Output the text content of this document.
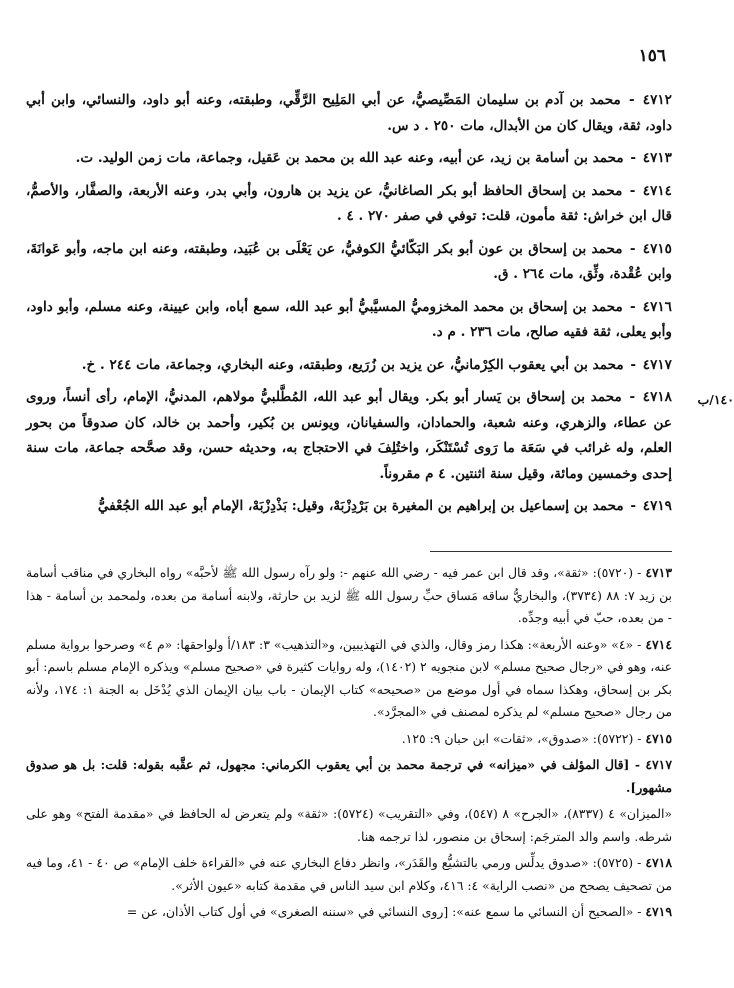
١٥٦

٤٧١٢ - محمد بن آدم بن سليمان المَصِّيصيُّ، عن أبي المَلِيح الرَّقِّي، وطبقته، وعنه أبو داود، والنسائي، وابن أبي داود، ثقة، ويقال كان من الأبدال، مات ٢٥٠ . د س.

٤٧١٣ - محمد بن أسامة بن زيد، عن أبيه، وعنه عبد الله بن محمد بن عَقيل، وجماعة، مات زمن الوليد. ت.

٤٧١٤ - محمد بن إسحاق الحافظ أبو بكر الصاغانيُّ، عن يزيد بن هارون، وأبي بدر، وعنه الأربعة، والصفَّار، والأصمُّ، قال ابن خراش: ثقة مأمون، قلت: توفي في صفر ٢٧٠ . ٤ .

٤٧١٥ - محمد بن إسحاق بن عون أبو بكر البَكّائيُّ الكوفيُّ، عن يَعْلَى بن عُبَيد، وطبقته، وعنه ابن ماجه، وأبو عَوانَةَ، وابن عُقْدة، وثِّق، مات ٢٦٤ . ق.

٤٧١٦ - محمد بن إسحاق بن محمد المخزوميُّ المسيَّبيُّ أبو عبد الله، سمع أباه، وابن عيينة، وعنه مسلم، وأبو داود، وأبو يعلى، ثقة فقيه صالح، مات ٢٣٦ . م د.

٤٧١٧ - محمد بن أبي يعقوب الكِرْمانيُّ، عن يزيد بن زُرَيع، وطبقته، وعنه البخاري، وجماعة، مات ٢٤٤ . خ.

٤٧١٨ - محمد بن إسحاق بن يَسار أبو بكر. ويقال أبو عبد الله، المُطَّلبيُّ مولاهم، المدنيُّ، الإمام، رأى أنساً، وروى عن عطاء، والزهري، وعنه شعبة، والحمادان، والسفيانان، ويونس بن بُكير، وأحمد بن خالد، كان صدوقاً من بحور العلم، وله غرائب في سَعَة ما رَوى تُسْتَنْكَر، واختُلِفَ في الاحتجاج به، وحديثه حسن، وقد صحَّحه جماعة، مات سنة إحدى وخمسين ومائة، وقيل سنة اثنتين. ٤ م مقروناً.
١٤٠/ب

٤٧١٩ - محمد بن إسماعيل بن إبراهيم بن المغيرة بن بَرْدِزْبَهْ، وقيل: بَذْدِزْبَهْ، الإمام أبو عبد الله الجُعْفيُّ

٤٧١٣ - (٥٧٢٠): «ثقة»، وقد قال ابن عمر فيه - رضي الله عنهم -: ولو رآه رسول الله ﷺ لأحبَّه» رواه البخاري في مناقب أسامة بن زيد ٧: ٨٨ (٣٧٣٤)، والبخاريُّ ساقه مَساق حبِّ رسول الله ﷺ لزيد بن حارثة، ولابنه أسامة من بعده، ولمحمد بن أسامة - هذا - من بعده، حبّ في أبيه وجدِّه.

٤٧١٤ - «٤» «وعنه الأربعة»: هكذا رمز وقال، والذي في التهذيبين، و«التذهيب» ٣: ١٨٣/أ ولواحقها: «م ٤» وصرحوا برواية مسلم عنه، وهو في «رجال صحيح مسلم» لابن منجويه ٢ (١٤٠٢)، وله روايات كثيرة في «صحيح مسلم» ويذكره الإمام مسلم باسم: أبو بكر بن إسحاق، وهكذا سماه في أول موضع من «صحيحه» كتاب الإيمان - باب بيان الإيمان الذي يُدْخَل به الجنة ١: ١٧٤، ولأنه من رجال «صحيح مسلم» لم يذكره لمصنف في «المجرَّد».

٤٧١٥ - (٥٧٢٢): «صدوق»، «ثقات» ابن حبان ٩: ١٢٥.

٤٧١٧ - [قال المؤلف في «ميزانه» في ترجمة محمد بن أبي يعقوب الكرماني: مجهول، ثم عقَّبه بقوله: قلت: بل هو صدوق مشهور].

«الميزان» ٤ (٨٣٣٧)، «الجرح» ٨ (٥٤٧)، وفي «التقريب» (٥٧٢٤): «ثقة» ولم يتعرض له الحافظ في «مقدمة الفتح» وهو على شرطه. واسم والد المترجَم: إسحاق بن منصور، لذا ترجمه هنا.

٤٧١٨ - (٥٧٢٥): «صدوق يدلِّس ورمي بالتشيُّع والقَدَر»، وانظر دفاع البخاري عنه في «القراءة خلف الإمام» ص ٤٠ - ٤١، وما فيه من تصحيف يصحح من «نصب الراية» ٤: ٤١٦، وكلام ابن سيد الناس في مقدمة كتابه «عيون الأثر».

٤٧١٩ - «الصحيح أن النسائي ما سمع عنه»: [روى النسائي في «سننه الصغرى» في أول كتاب الأذان، عن =
